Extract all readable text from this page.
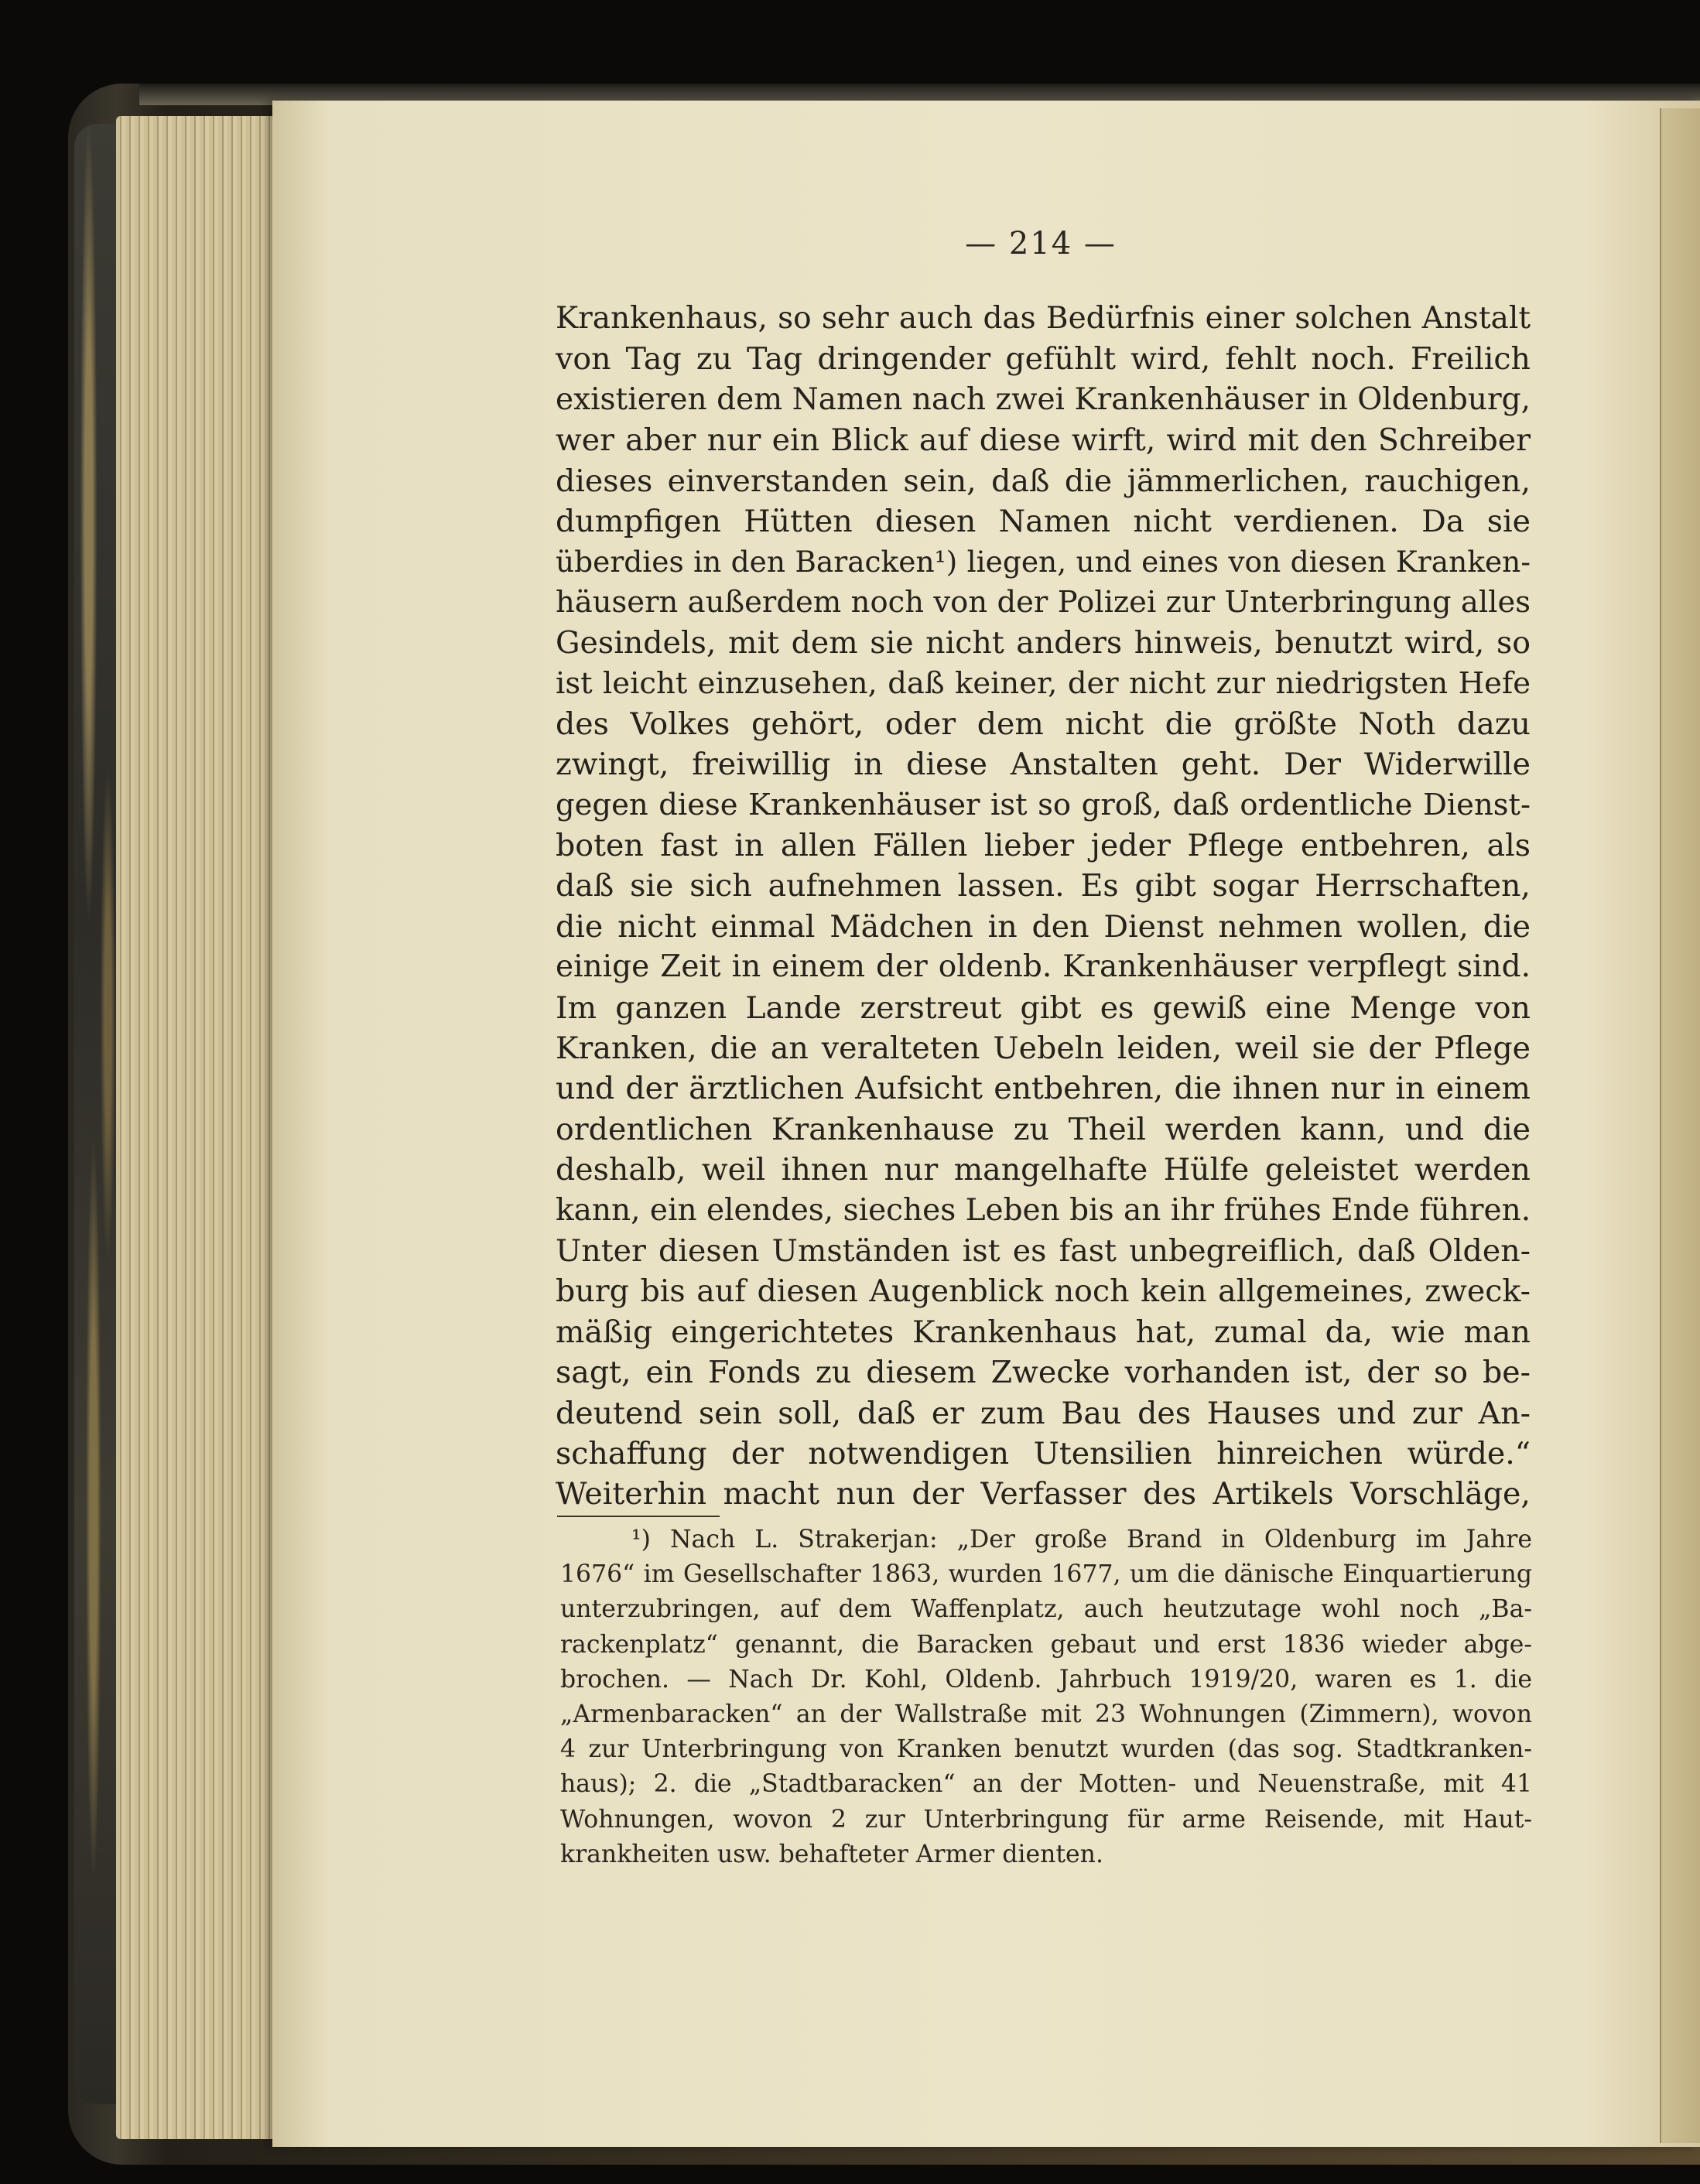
— 214 —
Krankenhaus, so sehr auch das Bedürfnis einer solchen Anstalt
von Tag zu Tag dringender gefühlt wird, fehlt noch. Freilich
existieren dem Namen nach zwei Krankenhäuser in Oldenburg,
wer aber nur ein Blick auf diese wirft, wird mit den Schreiber
dieses einverstanden sein, daß die jämmerlichen, rauchigen,
dumpfigen Hütten diesen Namen nicht verdienen. Da sie
überdies in den Baracken¹) liegen, und eines von diesen Kranken-
häusern außerdem noch von der Polizei zur Unterbringung alles
Gesindels, mit dem sie nicht anders hinweis, benutzt wird, so
ist leicht einzusehen, daß keiner, der nicht zur niedrigsten Hefe
des Volkes gehört, oder dem nicht die größte Noth dazu
zwingt, freiwillig in diese Anstalten geht. Der Widerwille
gegen diese Krankenhäuser ist so groß, daß ordentliche Dienst-
boten fast in allen Fällen lieber jeder Pflege entbehren, als
daß sie sich aufnehmen lassen. Es gibt sogar Herrschaften,
die nicht einmal Mädchen in den Dienst nehmen wollen, die
einige Zeit in einem der oldenb. Krankenhäuser verpflegt sind.
Im ganzen Lande zerstreut gibt es gewiß eine Menge von
Kranken, die an veralteten Uebeln leiden, weil sie der Pflege
und der ärztlichen Aufsicht entbehren, die ihnen nur in einem
ordentlichen Krankenhause zu Theil werden kann, und die
deshalb, weil ihnen nur mangelhafte Hülfe geleistet werden
kann, ein elendes, sieches Leben bis an ihr frühes Ende führen.
Unter diesen Umständen ist es fast unbegreiflich, daß Olden-
burg bis auf diesen Augenblick noch kein allgemeines, zweck-
mäßig eingerichtetes Krankenhaus hat, zumal da, wie man
sagt, ein Fonds zu diesem Zwecke vorhanden ist, der so be-
deutend sein soll, daß er zum Bau des Hauses und zur An-
schaffung der notwendigen Utensilien hinreichen würde.“
Weiterhin macht nun der Verfasser des Artikels Vorschläge,
¹) Nach L. Strakerjan: „Der große Brand in Oldenburg im Jahre
1676“ im Gesellschafter 1863, wurden 1677, um die dänische Einquartierung
unterzubringen, auf dem Waffenplatz, auch heutzutage wohl noch „Ba-
rackenplatz“ genannt, die Baracken gebaut und erst 1836 wieder abge-
brochen. — Nach Dr. Kohl, Oldenb. Jahrbuch 1919/20, waren es 1. die
„Armenbaracken“ an der Wallstraße mit 23 Wohnungen (Zimmern), wovon
4 zur Unterbringung von Kranken benutzt wurden (das sog. Stadtkranken-
haus); 2. die „Stadtbaracken“ an der Motten- und Neuenstraße, mit 41
Wohnungen, wovon 2 zur Unterbringung für arme Reisende, mit Haut-
krankheiten usw. behafteter Armer dienten.
